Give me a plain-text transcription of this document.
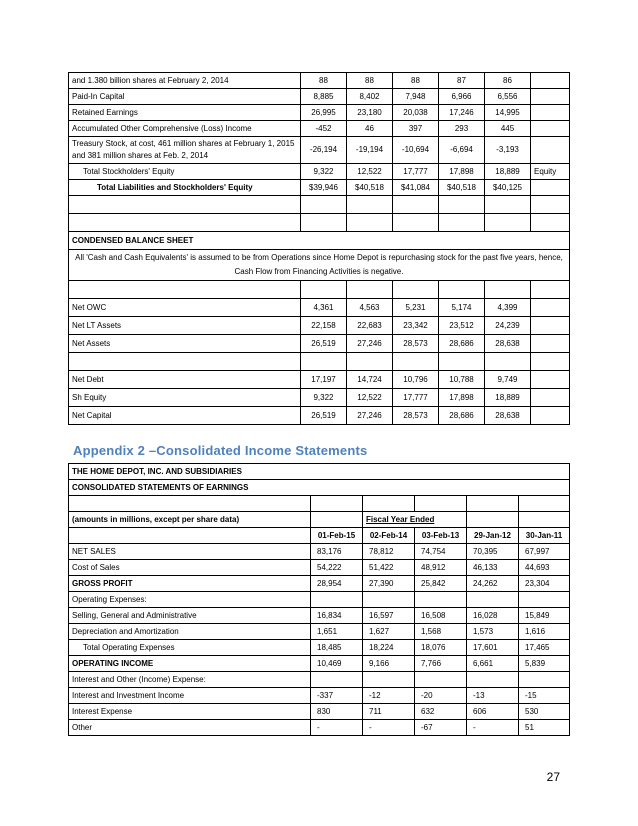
and 1.380 billion shares at February 2, 2014	88	88	88	87	86	
Paid-In Capital	8,885	8,402	7,948	6,966	6,556	
Retained Earnings	26,995	23,180	20,038	17,246	14,995	
Accumulated Other Comprehensive (Loss) Income	-452	46	397	293	445	
Treasury Stock, at cost, 461 million shares at February 1, 2015 and 381 million shares at Feb. 2, 2014	-26,194	-19,194	-10,694	-6,694	-3,193	
Total Stockholders' Equity	9,322	12,522	17,777	17,898	18,889	Equity
Total Liabilities and Stockholders' Equity	$39,946	$40,518	$41,084	$40,518	$40,125	

CONDENSED BALANCE SHEET						
All 'Cash and Cash Equivalents' is assumed to be from Operations since Home Depot is repurchasing stock for the past five years, hence, Cash Flow from Financing Activities is negative.						

Net OWC	4,361	4,563	5,231	5,174	4,399	
Net LT Assets	22,158	22,683	23,342	23,512	24,239	
Net Assets	26,519	27,246	28,573	28,686	28,638	

Net Debt	17,197	14,724	10,796	10,788	9,749	
Sh Equity	9,322	12,522	17,777	17,898	18,889	
Net Capital	26,519	27,246	28,573	28,686	28,638	
Appendix 2 –Consolidated Income Statements
THE HOME DEPOT, INC. AND SUBSIDIARIES					
CONSOLIDATED STATEMENTS OF EARNINGS					

(amounts in millions, except per share data)		Fiscal Year Ended			
	01-Feb-15	02-Feb-14	03-Feb-13	29-Jan-12	30-Jan-11
NET SALES	83,176	78,812	74,754	70,395	67,997
Cost of Sales	54,222	51,422	48,912	46,133	44,693
GROSS PROFIT	28,954	27,390	25,842	24,262	23,304
Operating Expenses:					
Selling, General and Administrative	16,834	16,597	16,508	16,028	15,849
Depreciation and Amortization	1,651	1,627	1,568	1,573	1,616
Total Operating Expenses	18,485	18,224	18,076	17,601	17,465
OPERATING INCOME	10,469	9,166	7,766	6,661	5,839
Interest and Other (Income) Expense:					
Interest and Investment Income	-337	-12	-20	-13	-15
Interest Expense	830	711	632	606	530
Other	-	-	-67	-	51
27
